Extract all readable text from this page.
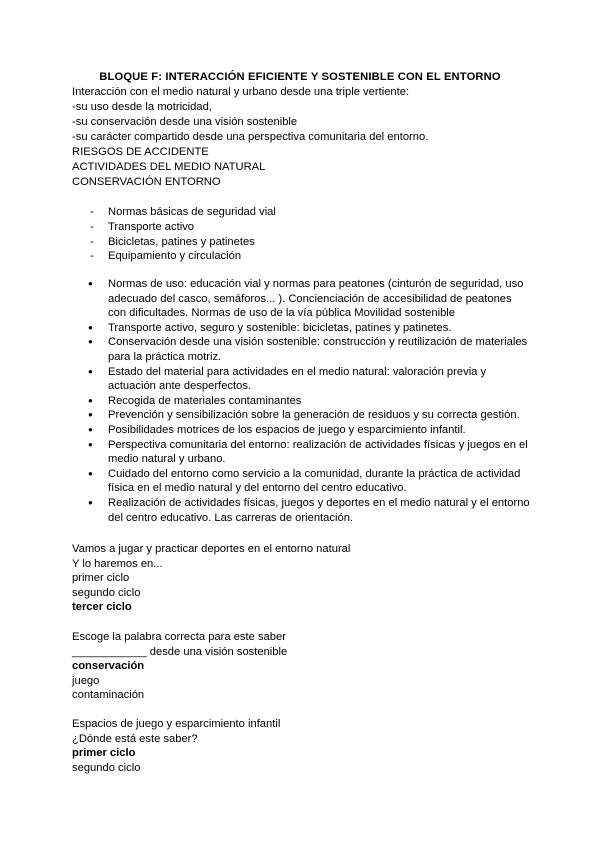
BLOQUE F: INTERACCIÓN EFICIENTE Y SOSTENIBLE CON EL ENTORNO
Interacción con el medio natural y urbano desde una triple vertiente:
-su uso desde la motricidad,
-su conservación desde una visión sostenible
-su carácter compartido desde una perspectiva comunitaria del entorno.
RIESGOS DE ACCIDENTE
ACTIVIDADES DEL MEDIO NATURAL
CONSERVACIÓN ENTORNO
- Normas básicas de seguridad vial
- Transporte activo
- Bicicletas, patines y patinetes
- Equipamiento y circulación
● Normas de uso: educación vial y normas para peatones (cinturón de seguridad, uso adecuado del casco, semáforos... ). Concienciación de accesibilidad de peatones con dificultades. Normas de uso de la vía pública Movilidad sostenible
● Transporte activo, seguro y sostenible: bicicletas, patines y patinetes.
● Conservación desde una visión sostenible: construcción y reutilización de materiales para la práctica motriz.
● Estado del material para actividades en el medio natural: valoración previa y actuación ante desperfectos.
● Recogida de materiales contaminantes
● Prevención y sensibilización sobre la generación de residuos y su correcta gestión.
● Posibilidades motrices de los espacios de juego y esparcimiento infantil.
● Perspectiva comunitaria del entorno: realización de actividades físicas y juegos en el medio natural y urbano.
● Cuidado del entorno como servicio a la comunidad, durante la práctica de actividad física en el medio natural y del entorno del centro educativo.
● Realización de actividades físicas, juegos y deportes en el medio natural y el entorno del centro educativo. Las carreras de orientación.
Vamos a jugar y practicar deportes en el entorno natural
Y lo haremos en...
primer ciclo
segundo ciclo
tercer ciclo
Escoge la palabra correcta para este saber
____________ desde una visión sostenible
conservación
juego
contaminación
Espacios de juego y esparcimiento infantil
¿Dónde está este saber?
primer ciclo
segundo ciclo
